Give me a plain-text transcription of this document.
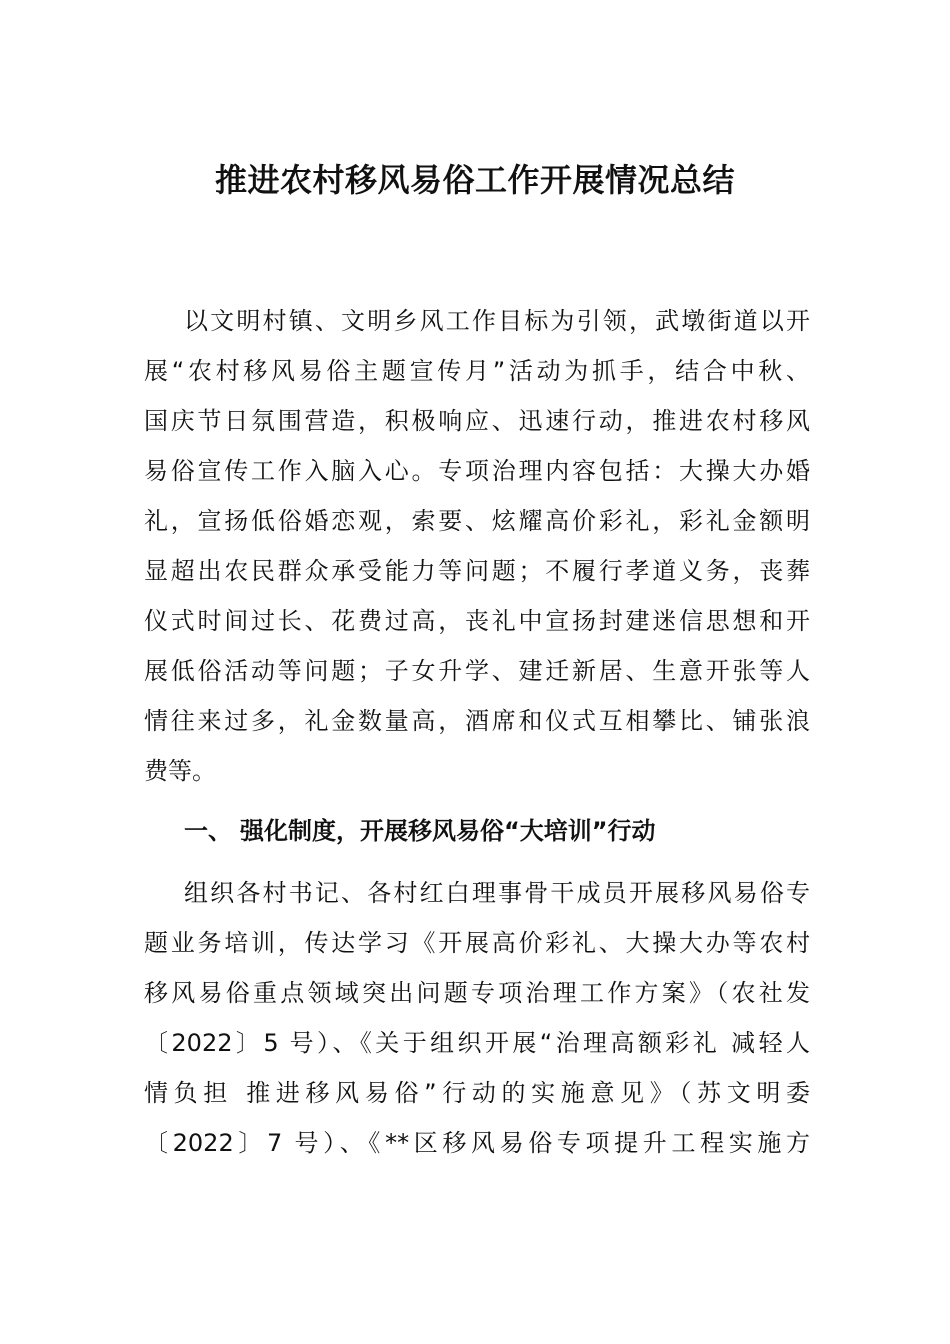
推进农村移风易俗工作开展情况总结
以文明村镇、文明乡风工作目标为引领，武墩街道以开
展“农村移风易俗主题宣传月”活动为抓手，结合中秋、
国庆节日氛围营造，积极响应、迅速行动，推进农村移风
易俗宣传工作入脑入心。专项治理内容包括：大操大办婚
礼，宣扬低俗婚恋观，索要、炫耀高价彩礼，彩礼金额明
显超出农民群众承受能力等问题；不履行孝道义务，丧葬
仪式时间过长、花费过高，丧礼中宣扬封建迷信思想和开
展低俗活动等问题；子女升学、建迁新居、生意开张等人
情往来过多，礼金数量高，酒席和仪式互相攀比、铺张浪
费等。
一、 强化制度，开展移风易俗“大培训”行动
组织各村书记、各村红白理事骨干成员开展移风易俗专
题业务培训，传达学习《开展高价彩礼、大操大办等农村
移风易俗重点领域突出问题专项治理工作方案》（农社发
〔2022〕5 号）、《关于组织开展“治理高额彩礼 减轻人
情负担 推进移风易俗”行动的实施意见》（苏文明委
〔2022〕7 号）、《**区移风易俗专项提升工程实施方
